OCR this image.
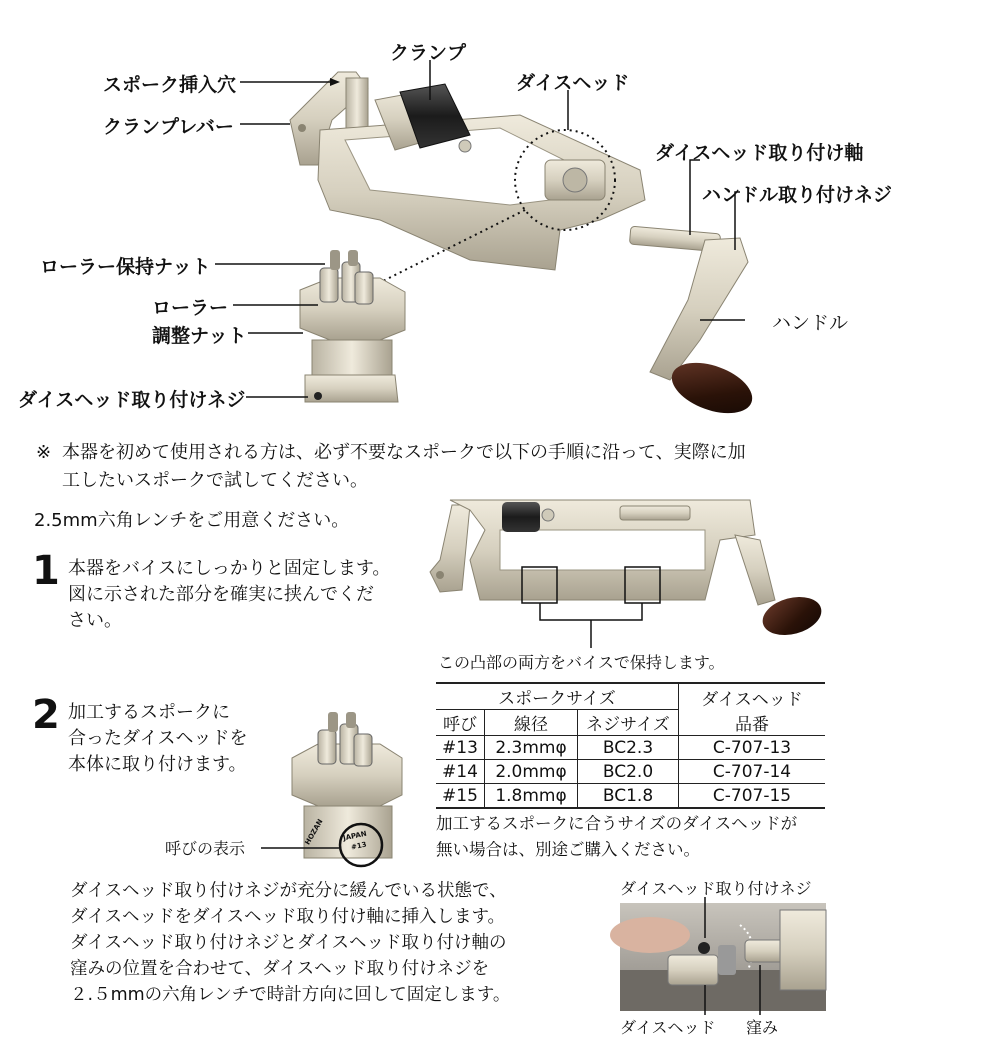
スポーク挿入穴
クランプ
クランプレバー
ダイスヘッド
ダイスヘッド取り付け軸
ハンドル取り付けネジ
ローラー保持ナット
ローラー
調整ナット
ハンドル
ダイスヘッド取り付けネジ
※ 本器を初めて使用される方は、必ず不要なスポークで以下の手順に沿って、実際に加
工したいスポークで試してください。
2.5mm六角レンチをご用意ください。
1 本器をバイスにしっかりと固定します。
図に示された部分を確実に挟んでくだ
さい。
この凸部の両方をバイスで保持します。
2 加工するスポークに
合ったダイスヘッドを
本体に取り付けます。
呼びの表示
JAPAN
#13
HOZAN
スポークサイズ			ダイスヘッド
品番

呼び	線径	ネジサイズ	
#13	2.3mmφ	BC2.3	C-707-13
#14	2.0mmφ	BC2.0	C-707-14
#15	1.8mmφ	BC1.8	C-707-15
加工するスポークに合うサイズのダイスヘッドが
無い場合は、別途ご購入ください。
ダイスヘッド取り付けネジが充分に緩んでいる状態で、
ダイスヘッドをダイスヘッド取り付け軸に挿入します。
ダイスヘッド取り付けネジとダイスヘッド取り付け軸の
窪みの位置を合わせて、ダイスヘッド取り付けネジを
２.５mmの六角レンチで時計方向に回して固定します。
ダイスヘッド取り付けネジ
ダイスヘッド 窪み
